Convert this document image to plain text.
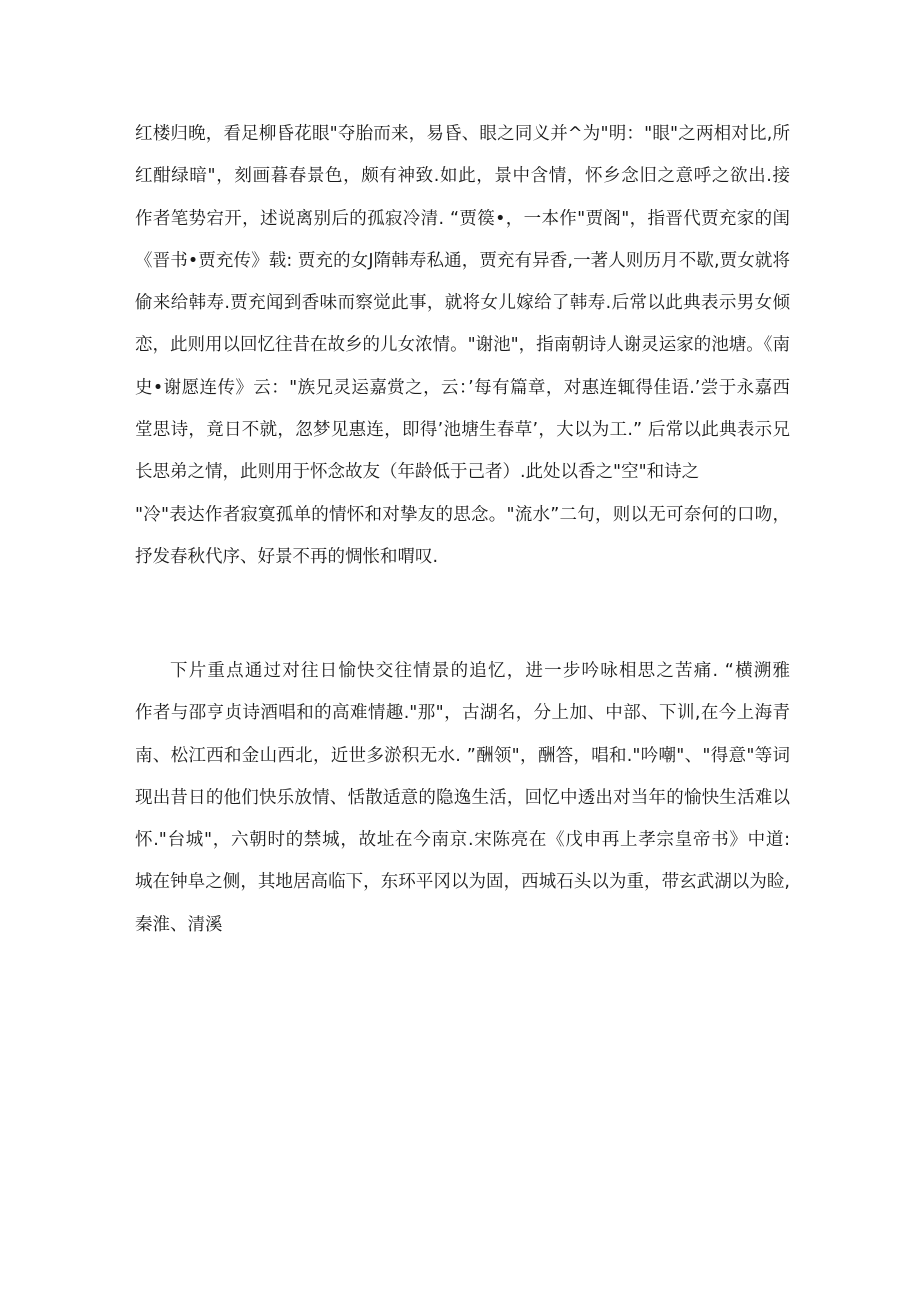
红楼归晚，看足柳昏花眼"夺胎而来，易昏、眼之同义并^为"明："眼"之两相对比,所
红酣绿暗"，刻画暮春景色，颇有神致.如此，景中含情，怀乡念旧之意呼之欲出.接
作者笔势宕开，述说离别后的孤寂冷清. “贾篌•，一本作"贾阁"，指晋代贾充家的闺
《晋书•贾充传》载: 贾充的女J隋韩寿私通，贾充有异香,一著人则历月不歇,贾女就将
偷来给韩寿.贾充闻到香味而察觉此事，就将女儿嫁给了韩寿.后常以此典表示男女倾
恋，此则用以回忆往昔在故乡的儿女浓情。"谢池"，指南朝诗人谢灵运家的池塘。《南
史•谢愿连传》云："族兄灵运嘉赏之，云：’每有篇章，对惠连辄得佳语.’尝于永嘉西
堂思诗，竟日不就，忽梦见惠连，即得’池塘生春草’，大以为工.” 后常以此典表示兄
长思弟之情，此则用于怀念故友（年龄低于己者）.此处以香之"空"和诗之
"冷"表达作者寂寞孤单的情怀和对挚友的思念。"流水”二句，则以无可奈何的口吻，
抒发春秋代序、好景不再的惆怅和喟叹.
下片重点通过对往日愉快交往情景的追忆，进一步吟咏相思之苦痛. “横溯雅
作者与邵亨贞诗酒唱和的高难情趣."那"，古湖名，分上加、中部、下训,在今上海青
南、松江西和金山西北，近世多淤积无水. ”酬领"，酬答，唱和."吟嘲"、"得意"等词
现出昔日的他们快乐放情、恬散适意的隐逸生活，回忆中透出对当年的愉快生活难以
怀."台城"，六朝时的禁城，故址在今南京.宋陈亮在《戊申再上孝宗皇帝书》中道:
城在钟阜之侧，其地居高临下，东环平冈以为固，西城石头以为重，带玄武湖以为睑,
秦淮、清溪
